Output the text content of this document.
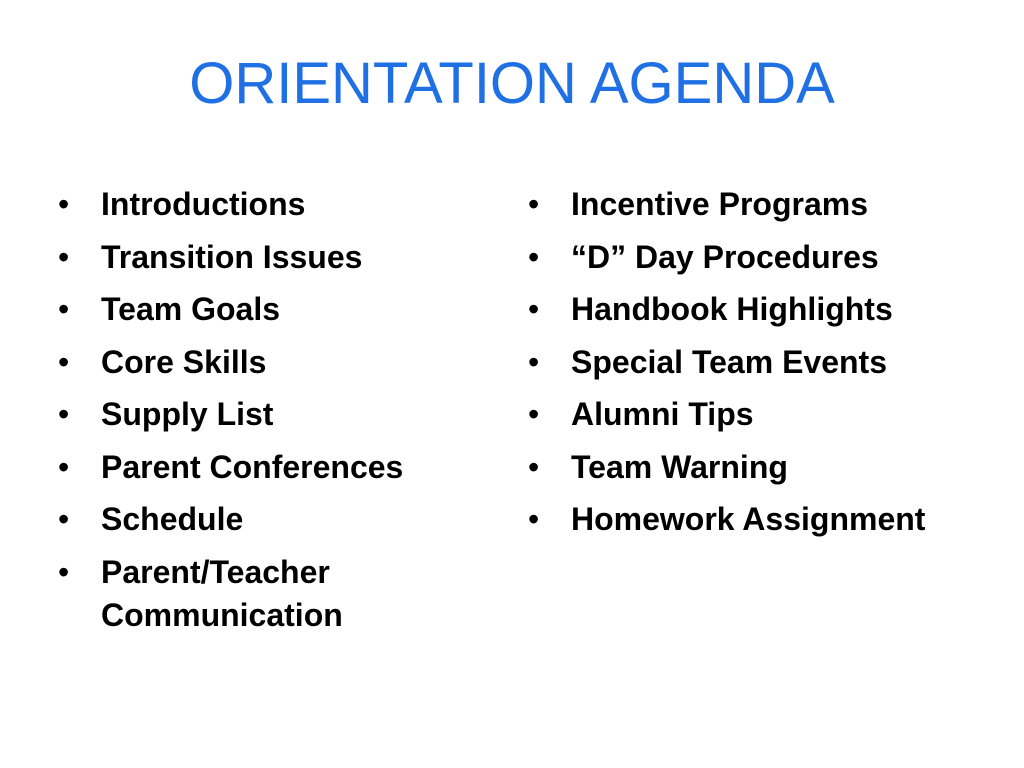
ORIENTATION AGENDA
• Introductions
• Transition Issues
• Team Goals
• Core Skills
• Supply List
• Parent Conferences
• Schedule
• Parent/Teacher Communication
• Incentive Programs
• “D” Day Procedures
• Handbook Highlights
• Special Team Events
• Alumni Tips
• Team Warning
• Homework Assignment
